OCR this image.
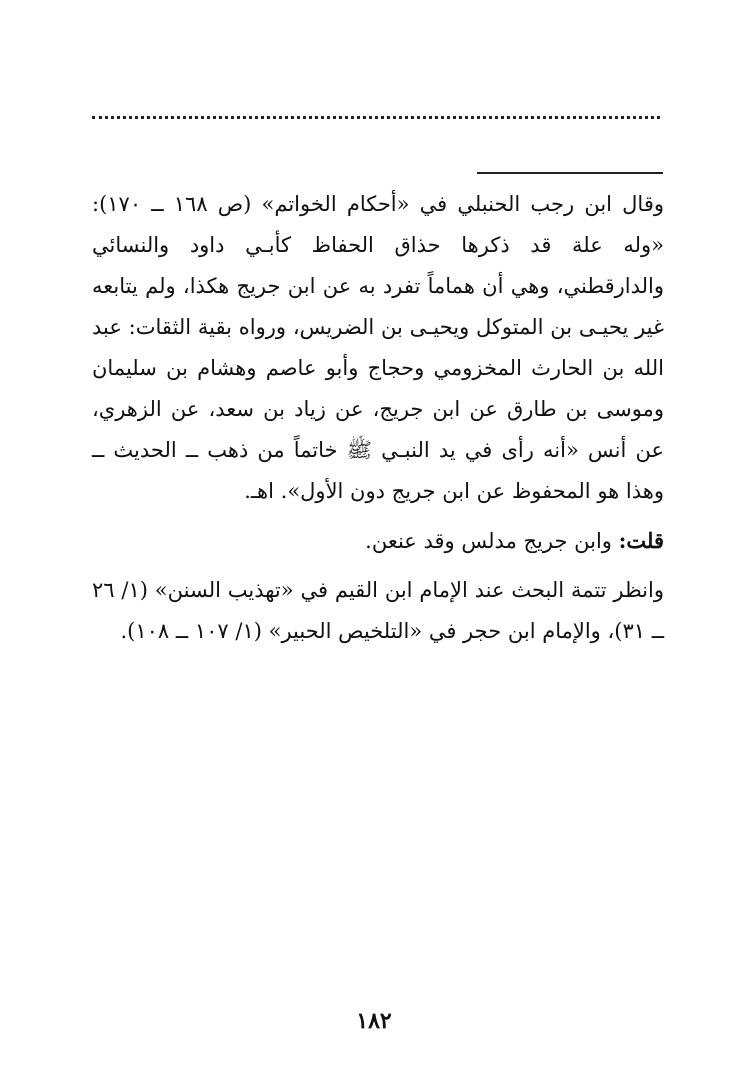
وقال ابن رجب الحنبلي في «أحكام الخواتم» (ص ١٦٨ ــ ١٧٠): «وله علة قد ذكرها حذاق الحفاظ كأبـي داود والنسائي والدارقطني، وهي أن هماماً تفرد به عن ابن جريج هكذا، ولم يتابعه غير يحيـى بن المتوكل ويحيـى بن الضريس، ورواه بقية الثقات: عبد الله بن الحارث المخزومي وحجاج وأبو عاصم وهشام بن سليمان وموسى بن طارق عن ابن جريج، عن زياد بن سعد، عن الزهري، عن أنس «أنه رأى في يد النبـي ﷺ خاتماً من ذهب ــ الحديث ــ وهذا هو المحفوظ عن ابن جريج دون الأول». اهـ.

قلت: وابن جريج مدلس وقد عنعن.

وانظر تتمة البحث عند الإمام ابن القيم في «تهذيب السنن» (١/ ٢٦ ــ ٣١)، والإمام ابن حجر في «التلخيص الحبير» (١/ ١٠٧ ــ ١٠٨).

١٨٢
